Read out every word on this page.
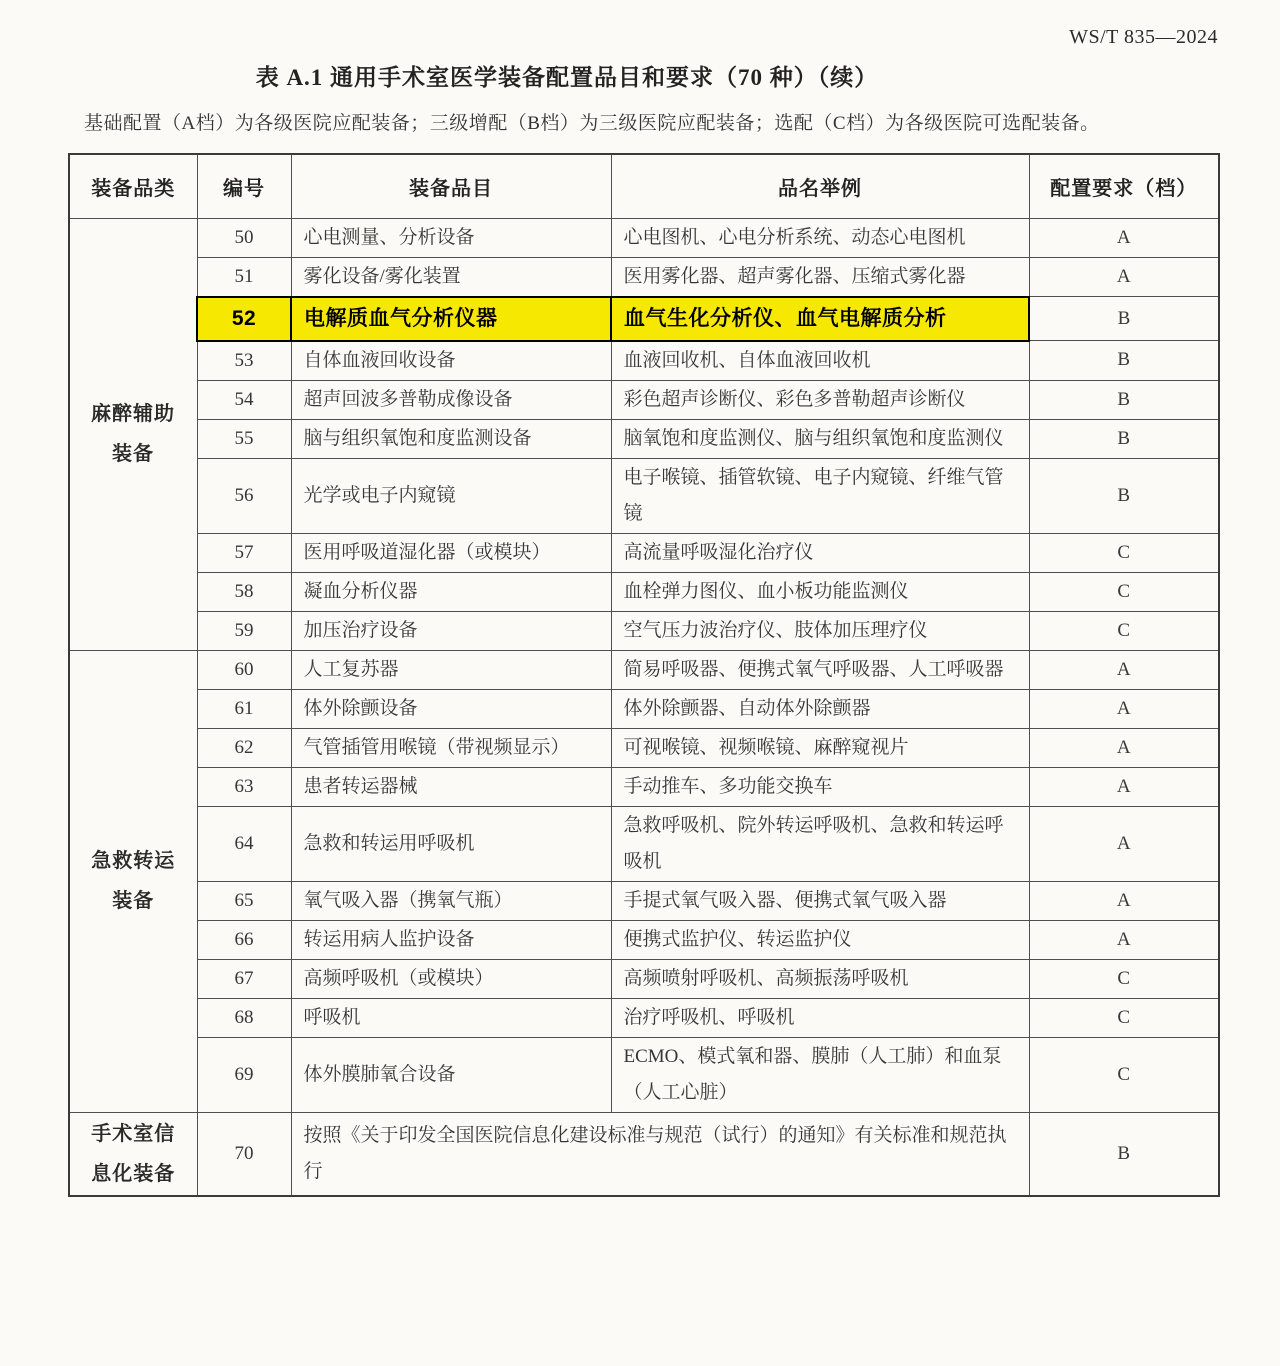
WS/T 835—2024
表 A.1 通用手术室医学装备配置品目和要求（70 种）（续）
基础配置（A档）为各级医院应配装备；三级增配（B档）为三级医院应配装备；选配（C档）为各级医院可选配装备。
装备品类	编号	装备品目	品名举例	配置要求（档）

麻醉辅助
装备	50	心电测量、分析设备	心电图机、心电分析系统、动态心电图机	A
	51	雾化设备/雾化装置	医用雾化器、超声雾化器、压缩式雾化器	A
	52	电解质血气分析仪器	血气生化分析仪、血气电解质分析	B
	53	自体血液回收设备	血液回收机、自体血液回收机	B
	54	超声回波多普勒成像设备	彩色超声诊断仪、彩色多普勒超声诊断仪	B
	55	脑与组织氧饱和度监测设备	脑氧饱和度监测仪、脑与组织氧饱和度监测仪	B
	56	光学或电子内窥镜	电子喉镜、插管软镜、电子内窥镜、纤维气管镜	B
	57	医用呼吸道湿化器（或模块）	高流量呼吸湿化治疗仪	C
	58	凝血分析仪器	血栓弹力图仪、血小板功能监测仪	C
	59	加压治疗设备	空气压力波治疗仪、肢体加压理疗仪	C

急救转运
装备	60	人工复苏器	简易呼吸器、便携式氧气呼吸器、人工呼吸器	A
	61	体外除颤设备	体外除颤器、自动体外除颤器	A
	62	气管插管用喉镜（带视频显示）	可视喉镜、视频喉镜、麻醉窥视片	A
	63	患者转运器械	手动推车、多功能交换车	A
	64	急救和转运用呼吸机	急救呼吸机、院外转运呼吸机、急救和转运呼吸机	A
	65	氧气吸入器（携氧气瓶）	手提式氧气吸入器、便携式氧气吸入器	A
	66	转运用病人监护设备	便携式监护仪、转运监护仪	A
	67	高频呼吸机（或模块）	高频喷射呼吸机、高频振荡呼吸机	C
	68	呼吸机	治疗呼吸机、呼吸机	C
	69	体外膜肺氧合设备	ECMO、模式氧和器、膜肺（人工肺）和血泵（人工心脏）	C

手术室信
息化装备	70	按照《关于印发全国医院信息化建设标准与规范（试行）的通知》有关标准和规范执行		B
